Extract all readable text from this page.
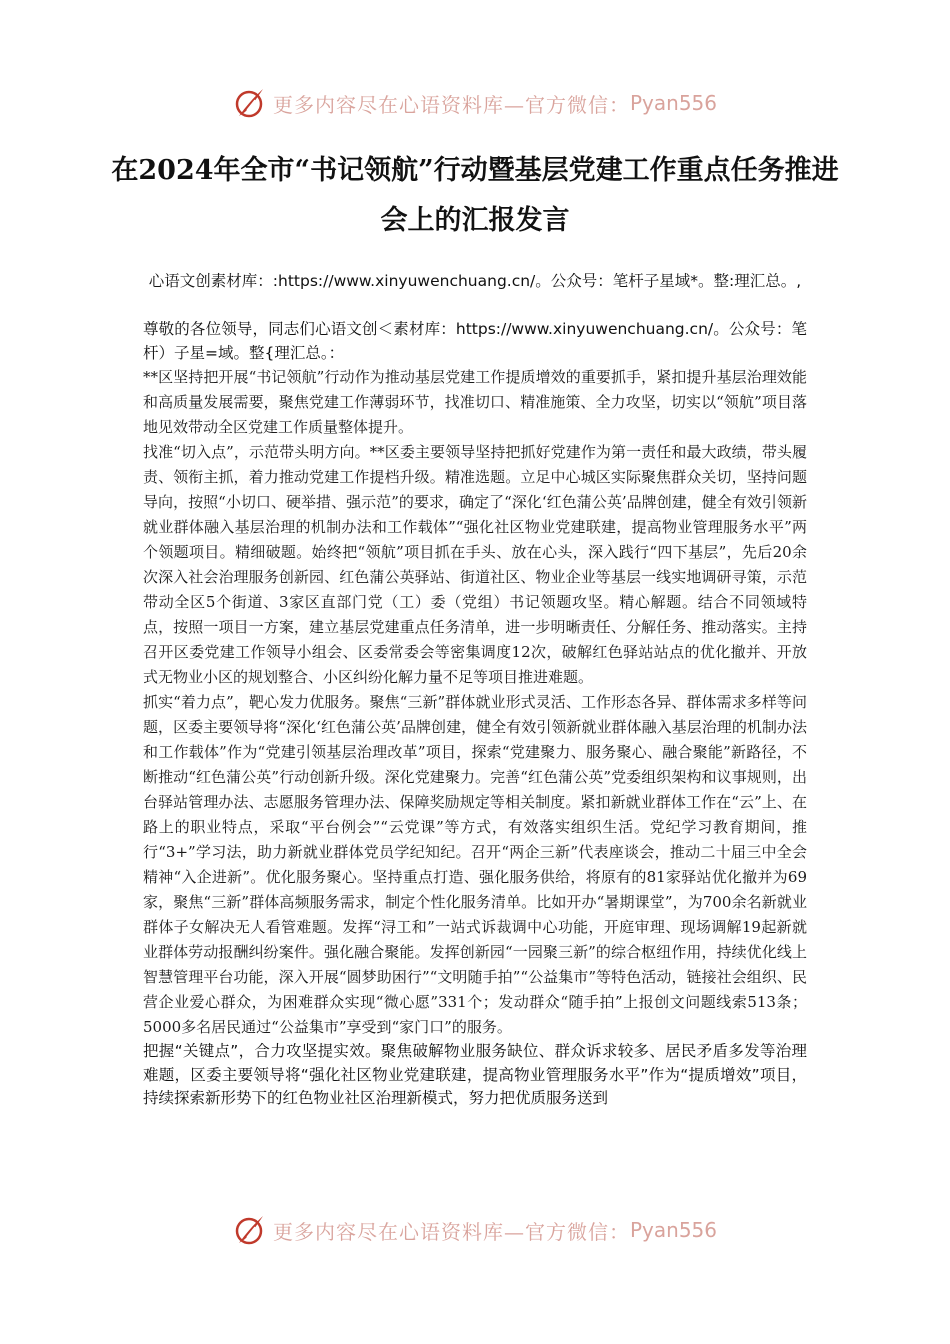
更多内容尽在心语资料库—官方微信： Pyan556
在2024年全市“书记领航”行动暨基层党建工作重点任务推进会上的汇报发言
心语文创素材库：:https://www.xinyuwenchuang.cn/。公众号：笔杆子星域*。整:理汇总。,

尊敬的各位领导，同志们心语文创＜素材库：https://www.xinyuwenchuang.cn/。公众号：笔杆）子星=域。整{理汇总。：

**区坚持把开展“书记领航”行动作为推动基层党建工作提质增效的重要抓手，紧扣提升基层治理效能和高质量发展需要，聚焦党建工作薄弱环节，找准切口、精准施策、全力攻坚，切实以“领航”项目落地见效带动全区党建工作质量整体提升。

找准“切入点”，示范带头明方向。**区委主要领导坚持把抓好党建作为第一责任和最大政绩，带头履责、领衔主抓，着力推动党建工作提档升级。精准选题。立足中心城区实际聚焦群众关切，坚持问题导向，按照“小切口、硬举措、强示范”的要求，确定了“深化‘红色蒲公英’品牌创建，健全有效引领新就业群体融入基层治理的机制办法和工作载体”“强化社区物业党建联建，提高物业管理服务水平”两个领题项目。精细破题。始终把“领航”项目抓在手头、放在心头，深入践行“四下基层”，先后20余次深入社会治理服务创新园、红色蒲公英驿站、街道社区、物业企业等基层一线实地调研寻策，示范带动全区5个街道、3家区直部门党（工）委（党组）书记领题攻坚。精心解题。结合不同领域特点，按照一项目一方案，建立基层党建重点任务清单，进一步明晰责任、分解任务、推动落实。主持召开区委党建工作领导小组会、区委常委会等密集调度12次，破解红色驿站站点的优化撤并、开放式无物业小区的规划整合、小区纠纷化解力量不足等项目推进难题。

抓实“着力点”，靶心发力优服务。聚焦“三新”群体就业形式灵活、工作形态各异、群体需求多样等问题，区委主要领导将“深化‘红色蒲公英’品牌创建，健全有效引领新就业群体融入基层治理的机制办法和工作载体”作为“党建引领基层治理改革”项目，探索“党建聚力、服务聚心、融合聚能”新路径，不断推动“红色蒲公英”行动创新升级。深化党建聚力。完善“红色蒲公英”党委组织架构和议事规则，出台驿站管理办法、志愿服务管理办法、保障奖励规定等相关制度。紧扣新就业群体工作在“云”上、在路上的职业特点，采取“平台例会”“云党课”等方式，有效落实组织生活。党纪学习教育期间，推行“3+”学习法，助力新就业群体党员学纪知纪。召开“两企三新”代表座谈会，推动二十届三中全会精神“入企进新”。优化服务聚心。坚持重点打造、强化服务供给，将原有的81家驿站优化撤并为69家，聚焦“三新”群体高频服务需求，制定个性化服务清单。比如开办“暑期课堂”，为700余名新就业群体子女解决无人看管难题。发挥“浔工和”一站式诉裁调中心功能，开庭审理、现场调解19起新就业群体劳动报酬纠纷案件。强化融合聚能。发挥创新园“一园聚三新”的综合枢纽作用，持续优化线上智慧管理平台功能，深入开展“圆梦助困行”“文明随手拍”“公益集市”等特色活动，链接社会组织、民营企业爱心群众，为困难群众实现“微心愿”331个；发动群众“随手拍”上报创文问题线索513条；5000多名居民通过“公益集市”享受到“家门口”的服务。

把握“关键点”，合力攻坚提实效。聚焦破解物业服务缺位、群众诉求较多、居民矛盾多发等治理难题，区委主要领导将“强化社区物业党建联建，提高物业管理服务水平”作为“提质增效”项目，持续探索新形势下的红色物业社区治理新模式，努力把优质服务送到

更多内容尽在心语资料库—官方微信： Pyan556
